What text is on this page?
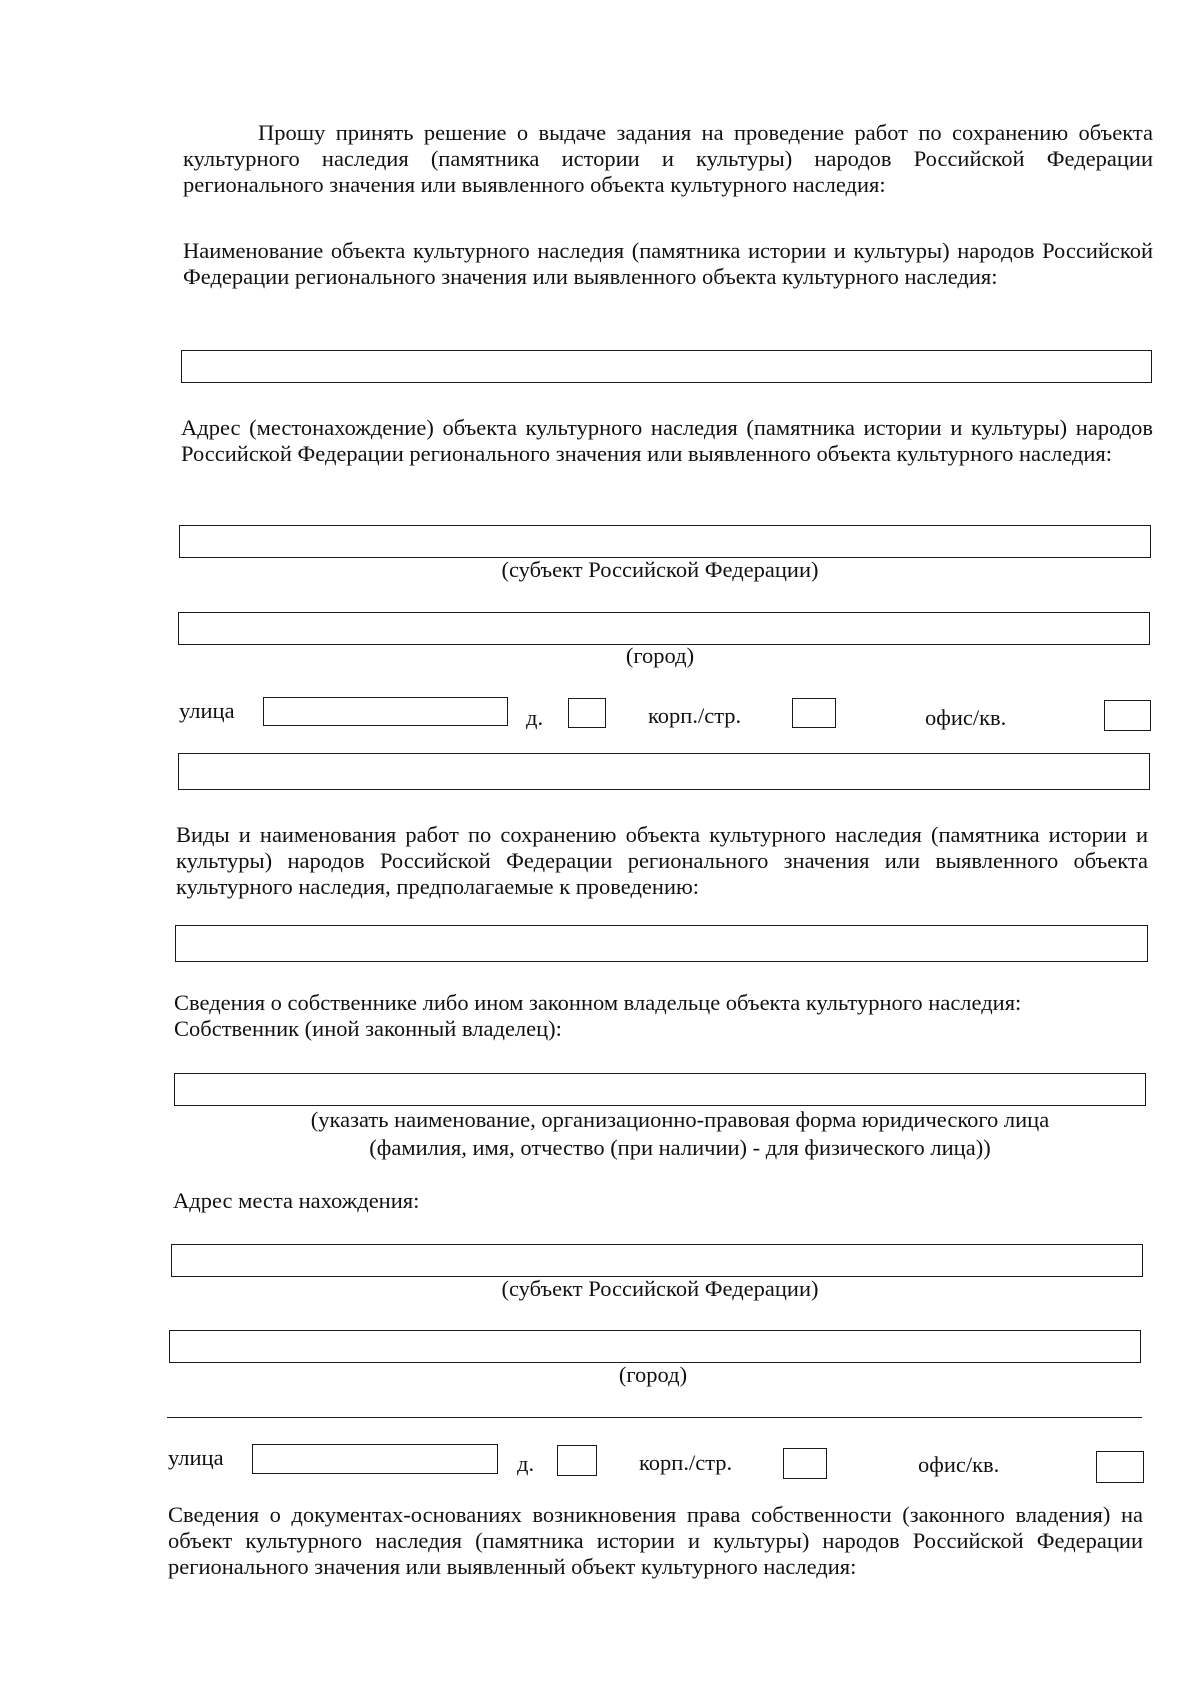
Прошу принять решение о выдаче задания на проведение работ по сохранению объекта культурного наследия (памятника истории и культуры) народов Российской Федерации регионального значения или выявленного объекта культурного наследия:

Наименование объекта культурного наследия (памятника истории и культуры) народов Российской Федерации регионального значения или выявленного объекта культурного наследия:

Адрес (местонахождение) объекта культурного наследия (памятника истории и культуры) народов Российской Федерации регионального значения или выявленного объекта культурного наследия:

(субъект Российской Федерации)
(город)
улица	д.	корп./стр.	офис/кв.

Виды и наименования работ по сохранению объекта культурного наследия (памятника истории и культуры) народов Российской Федерации регионального значения или выявленного объекта культурного наследия, предполагаемые к проведению:

Сведения о собственнике либо ином законном владельце объекта культурного наследия:
Собственник (иной законный владелец):
(указать наименование, организационно-правовая форма юридического лица
(фамилия, имя, отчество (при наличии) - для физического лица))
Адрес места нахождения:
(субъект Российской Федерации)
(город)
улица	д.	корп./стр.	офис/кв.

Сведения о документах-основаниях возникновения права собственности (законного владения) на объект культурного наследия (памятника истории и культуры) народов Российской Федерации регионального значения или выявленный объект культурного наследия:
